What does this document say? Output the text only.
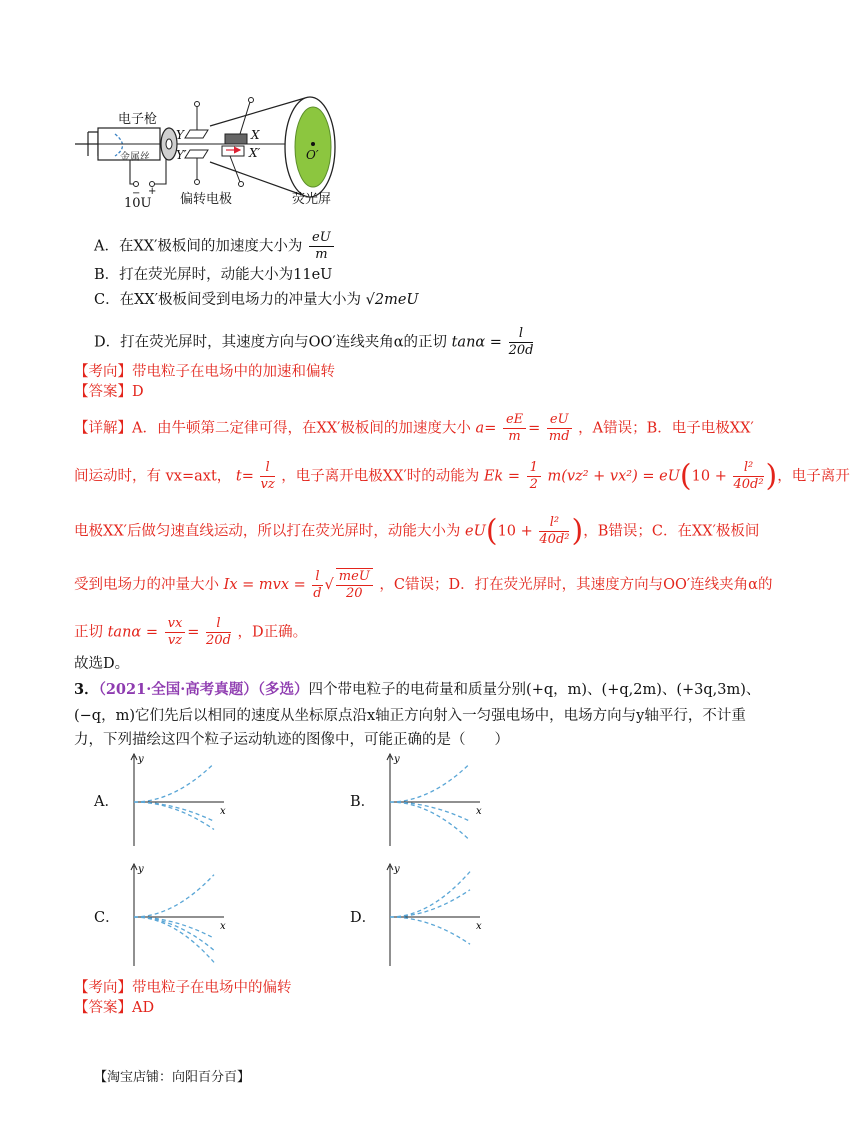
电子枪
金属丝
Y
Y′
X
X′	O′
− +
10U 偏转电极	荧光屏
A．在XX′极板间的加速度大小为 $\frac{eU}{m}$
B．打在荧光屏时，动能大小为11eU
C．在XX′极板间受到电场力的冲量大小为 √2meU
D．打在荧光屏时，其速度方向与OO′连线夹角α的正切 $\tan\alpha = \frac{l}{20d}$
【考向】带电粒子在电场中的加速和偏转
【答案】D
【详解】A．由牛顿第二定律可得，在XX′极板间的加速度大小 $a= \frac{eE}{m} = \frac{eU}{md}$ ，A错误；B．电子电极XX′
间运动时，有 vx=axt， $t= \frac{l}{vz}$ ，电子离开电极XX′时的动能为 $Ek = \frac{1}{2} m(vz^2 + vx^2) = eU(10 + \frac{\text{l²}}{\text{40d²}}$ )，电子离开
电极XX′后做匀速直线运动，所以打在荧光屏时，动能大小为 $eU(10 + \frac{\text{l²}}{\text{40d²}}$ )，B错误；C．在XX′极板间
受到电场力的冲量大小 Ix = mvx = $\frac{l}{d}$ √ $\frac{\text{meU}}{20}$ ，C错误；D．打在荧光屏时，其速度方向与OO′连线夹角α的
正切 $\tan\alpha = \frac{vx}{vz} = \frac{l}{20d}$ ，D正确。
故选D。
3．（2021·全国·高考真题）（多选）四个带电粒子的电荷量和质量分别(+q，m)、(+q,2m)、(+3q,3m)、
(−q，m)它们先后以相同的速度从坐标原点沿x轴正方向射入一匀强电场中，电场方向与y轴平行，不计重
力，下列描绘这四个粒子运动轨迹的图像中，可能正确的是（　　）
A．
y
x
B．
y
x
C．
y
x
D．
y
x
【考向】带电粒子在电场中的偏转
【答案】AD
【淘宝店铺：向阳百分百】
